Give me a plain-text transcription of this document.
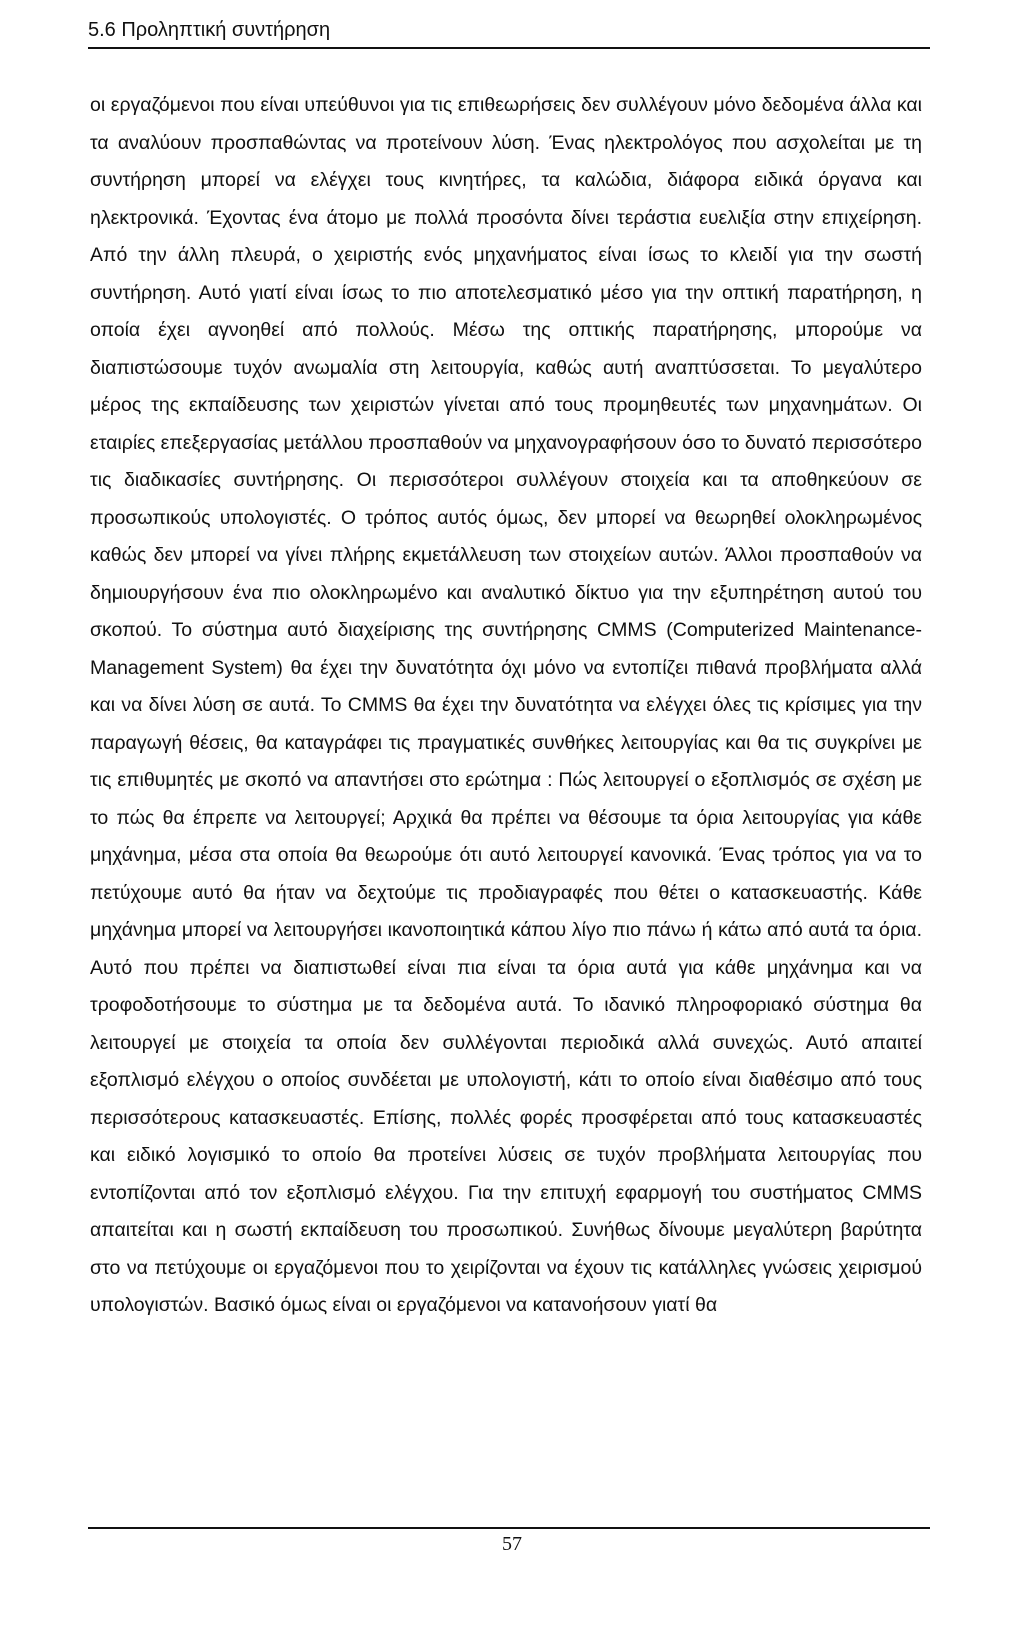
5.6 Προληπτική συντήρηση

οι εργαζόμενοι που είναι υπεύθυνοι για τις επιθεωρήσεις δεν συλλέγουν μόνο δεδομένα άλλα και τα αναλύουν προσπαθώντας να προτείνουν λύση. Ένας ηλεκτρολόγος που ασχολείται με τη συντήρηση μπορεί να ελέγχει τους κινητήρες, τα καλώδια, διάφορα ειδικά όργανα και ηλεκτρονικά. Έχοντας ένα άτομο με πολλά προσόντα δίνει τεράστια ευελιξία στην επιχείρηση. Από την άλλη πλευρά, ο χειριστής ενός μηχανήματος είναι ίσως το κλειδί για την σωστή συντήρηση. Αυτό γιατί είναι ίσως το πιο αποτελεσματικό μέσο για την οπτική παρατήρηση, η οποία έχει αγνοηθεί από πολλούς. Μέσω της οπτικής παρατήρησης, μπορούμε να διαπιστώσουμε τυχόν ανωμαλία στη λειτουργία, καθώς αυτή αναπτύσσεται. Το μεγαλύτερο μέρος της εκπαίδευσης των χειριστών γίνεται από τους προμηθευτές των μηχανημάτων. Οι εταιρίες επεξεργασίας μετάλλου προσπαθούν να μηχανογραφήσουν όσο το δυνατό περισσότερο τις διαδικασίες συντήρησης. Οι περισσότεροι συλλέγουν στοιχεία και τα αποθηκεύουν σε προσωπικούς υπολογιστές. Ο τρόπος αυτός όμως, δεν μπορεί να θεωρηθεί ολοκληρωμένος καθώς δεν μπορεί να γίνει πλήρης εκμετάλλευση των στοιχείων αυτών. Άλλοι προσπαθούν να δημιουργήσουν ένα πιο ολοκληρωμένο και αναλυτικό δίκτυο για την εξυπηρέτηση αυτού του σκοπού. Το σύστημα αυτό διαχείρισης της συντήρησης CMMS (Computerized Maintenance-Management System) θα έχει την δυνατότητα όχι μόνο να εντοπίζει πιθανά προβλήματα αλλά και να δίνει λύση σε αυτά. Το CMMS θα έχει την δυνατότητα να ελέγχει όλες τις κρίσιμες για την παραγωγή θέσεις, θα καταγράφει τις πραγματικές συνθήκες λειτουργίας και θα τις συγκρίνει με τις επιθυμητές με σκοπό να απαντήσει στο ερώτημα : Πώς λειτουργεί ο εξοπλισμός σε σχέση με το πώς θα έπρεπε να λειτουργεί; Αρχικά θα πρέπει να θέσουμε τα όρια λειτουργίας για κάθε μηχάνημα, μέσα στα οποία θα θεωρούμε ότι αυτό λειτουργεί κανονικά. Ένας τρόπος για να το πετύχουμε αυτό θα ήταν να δεχτούμε τις προδιαγραφές που θέτει ο κατασκευαστής. Κάθε μηχάνημα μπορεί να λειτουργήσει ικανοποιητικά κάπου λίγο πιο πάνω ή κάτω από αυτά τα όρια. Αυτό που πρέπει να διαπιστωθεί είναι πια είναι τα όρια αυτά για κάθε μηχάνημα και να τροφοδοτήσουμε το σύστημα με τα δεδομένα αυτά. Το ιδανικό πληροφοριακό σύστημα θα λειτουργεί με στοιχεία τα οποία δεν συλλέγονται περιοδικά αλλά συνεχώς. Αυτό απαιτεί εξοπλισμό ελέγχου ο οποίος συνδέεται με υπολογιστή, κάτι το οποίο είναι διαθέσιμο από τους περισσότερους κατασκευαστές. Επίσης, πολλές φορές προσφέρεται από τους κατασκευαστές και ειδικό λογισμικό το οποίο θα προτείνει λύσεις σε τυχόν προβλήματα λειτουργίας που εντοπίζονται από τον εξοπλισμό ελέγχου. Για την επιτυχή εφαρμογή του συστήματος CMMS απαιτείται και η σωστή εκπαίδευση του προσωπικού. Συνήθως δίνουμε μεγαλύτερη βαρύτητα στο να πετύχουμε οι εργαζόμενοι που το χειρίζονται να έχουν τις κατάλληλες γνώσεις χειρισμού υπολογιστών. Βασικό όμως είναι οι εργαζόμενοι να κατανοήσουν γιατί θα

57
